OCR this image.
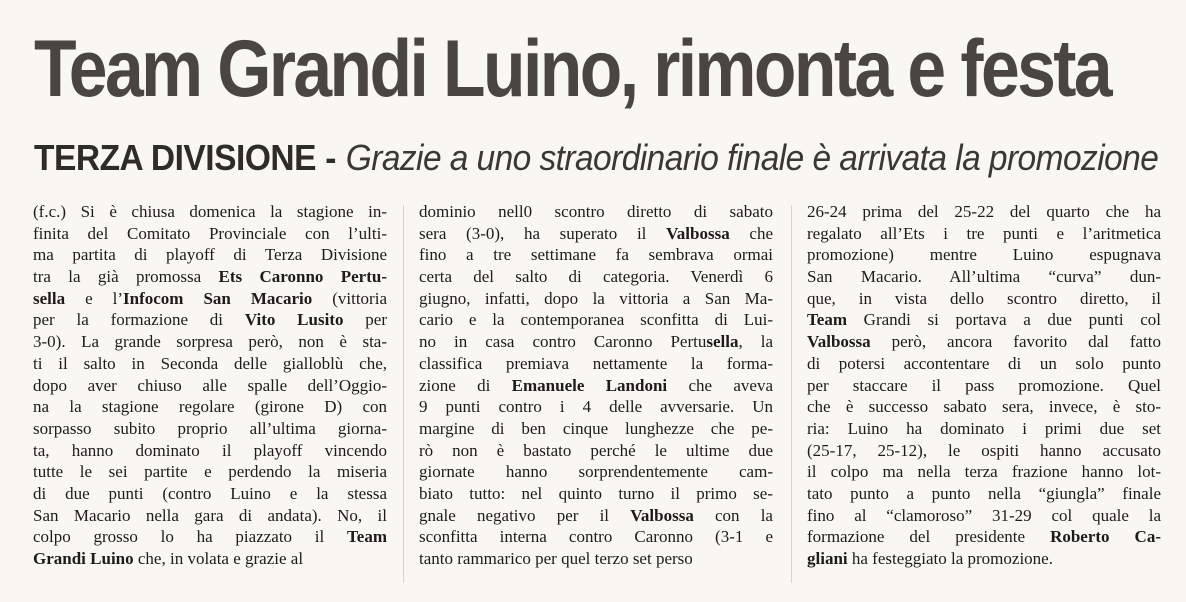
Team Grandi Luino, rimonta e festa
TERZA DIVISIONE - Grazie a uno straordinario finale è arrivata la promozione
(f.c.) Si è chiusa domenica la stagione in-
finita del Comitato Provinciale con l’ulti-
ma partita di playoff di Terza Divisione
tra la già promossa Ets Caronno Pertu-
sella e l’Infocom San Macario (vittoria
per la formazione di Vito Lusito per
3-0). La grande sorpresa però, non è sta-
ti il salto in Seconda delle gialloblù che,
dopo aver chiuso alle spalle dell’Oggio-
na la stagione regolare (girone D) con
sorpasso subito proprio all’ultima giorna-
ta, hanno dominato il playoff vincendo
tutte le sei partite e perdendo la miseria
di due punti (contro Luino e la stessa
San Macario nella gara di andata). No, il
colpo grosso lo ha piazzato il Team
Grandi Luino che, in volata e grazie al
dominio nell0 scontro diretto di sabato
sera (3-0), ha superato il Valbossa che
fino a tre settimane fa sembrava ormai
certa del salto di categoria. Venerdì 6
giugno, infatti, dopo la vittoria a San Ma-
cario e la contemporanea sconfitta di Lui-
no in casa contro Caronno Pertusella, la
classifica premiava nettamente la forma-
zione di Emanuele Landoni che aveva
9 punti contro i 4 delle avversarie. Un
margine di ben cinque lunghezze che pe-
rò non è bastato perché le ultime due
giornate hanno sorprendentemente cam-
biato tutto: nel quinto turno il primo se-
gnale negativo per il Valbossa con la
sconfitta interna contro Caronno (3-1 e
tanto rammarico per quel terzo set perso
26-24 prima del 25-22 del quarto che ha
regalato all’Ets i tre punti e l’aritmetica
promozione) mentre Luino espugnava
San Macario. All’ultima “curva” dun-
que, in vista dello scontro diretto, il
Team Grandi si portava a due punti col
Valbossa però, ancora favorito dal fatto
di potersi accontentare di un solo punto
per staccare il pass promozione. Quel
che è successo sabato sera, invece, è sto-
ria: Luino ha dominato i primi due set
(25-17, 25-12), le ospiti hanno accusato
il colpo ma nella terza frazione hanno lot-
tato punto a punto nella “giungla” finale
fino al “clamoroso” 31-29 col quale la
formazione del presidente Roberto Ca-
gliani ha festeggiato la promozione.
